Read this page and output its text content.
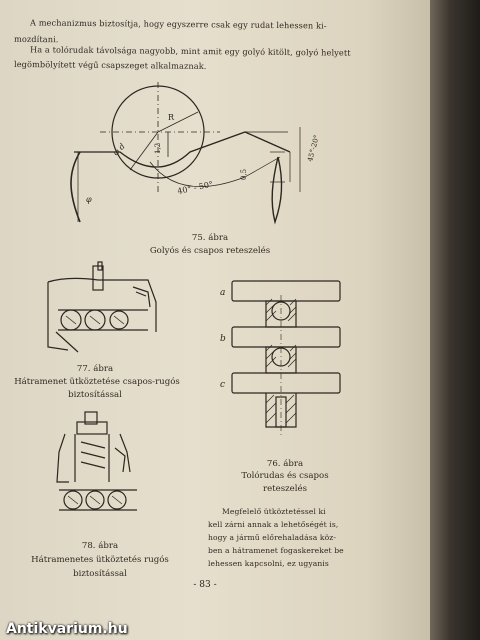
A mechanizmus biztosítja, hogy egyszerre csak egy rudat lehessen ki-
mozdítani.
Ha a tolórudak távolsága nagyobb, mint amit egy golyó kitölt, golyó helyett
legömbölyített végű csapszeget alkalmaznak.
φ d
R
1,2
40° - 50°
0,5
45°-20°
φ
75. ábra
Golyós és csapos reteszelés
77. ábra
Hátramenet ütköztetése csapos-rugós
biztosítással
a
b
c
76. ábra
Tolórudas és csapos
reteszelés
78. ábra
Hátramenetes ütköztetés rugós
biztosítással
Megfelelő ütköztetéssel ki
kell zárni annak a lehetőségét is,
hogy a jármű előrehaladása köz-
ben a hátramenet fogaskereket be
lehessen kapcsolni, ez ugyanis
- 83 -
Antikvarium.hu
